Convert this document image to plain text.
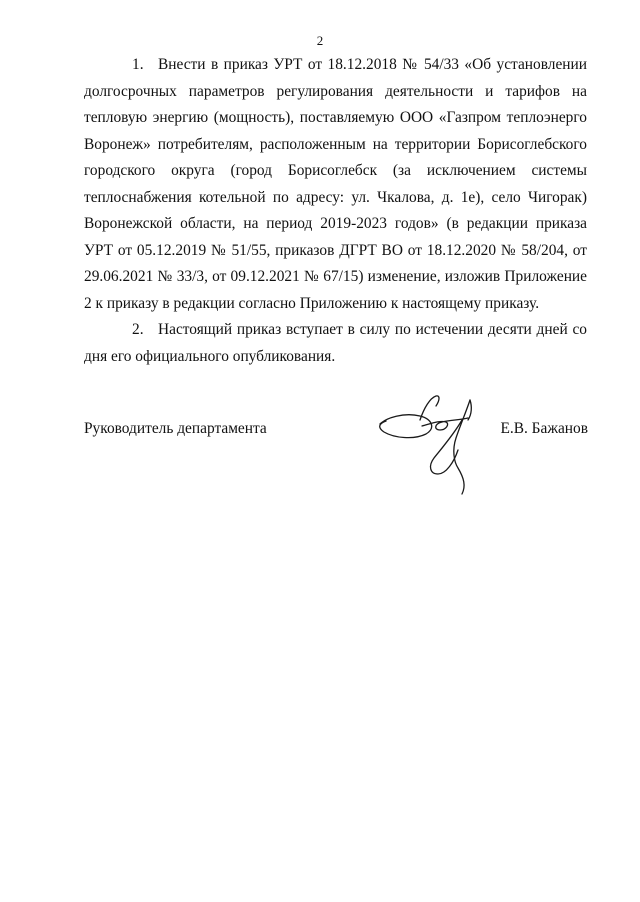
2

1. Внести в приказ УРТ от 18.12.2018 № 54/33 «Об установлении долгосрочных параметров регулирования деятельности и тарифов на тепловую энергию (мощность), поставляемую ООО «Газпром теплоэнерго Воронеж» потребителям, расположенным на территории Борисоглебского городского округа (город Борисоглебск (за исключением системы теплоснабжения котельной по адресу: ул. Чкалова, д. 1е), село Чигорак) Воронежской области, на период 2019-2023 годов» (в редакции приказа УРТ от 05.12.2019 № 51/55, приказов ДГРТ ВО от 18.12.2020 № 58/204, от 29.06.2021 № 33/3, от 09.12.2021 № 67/15) изменение, изложив Приложение 2 к приказу в редакции согласно Приложению к настоящему приказу.

2. Настоящий приказ вступает в силу по истечении десяти дней со дня его официального опубликования.

Руководитель департамента	Е.В. Бажанов
